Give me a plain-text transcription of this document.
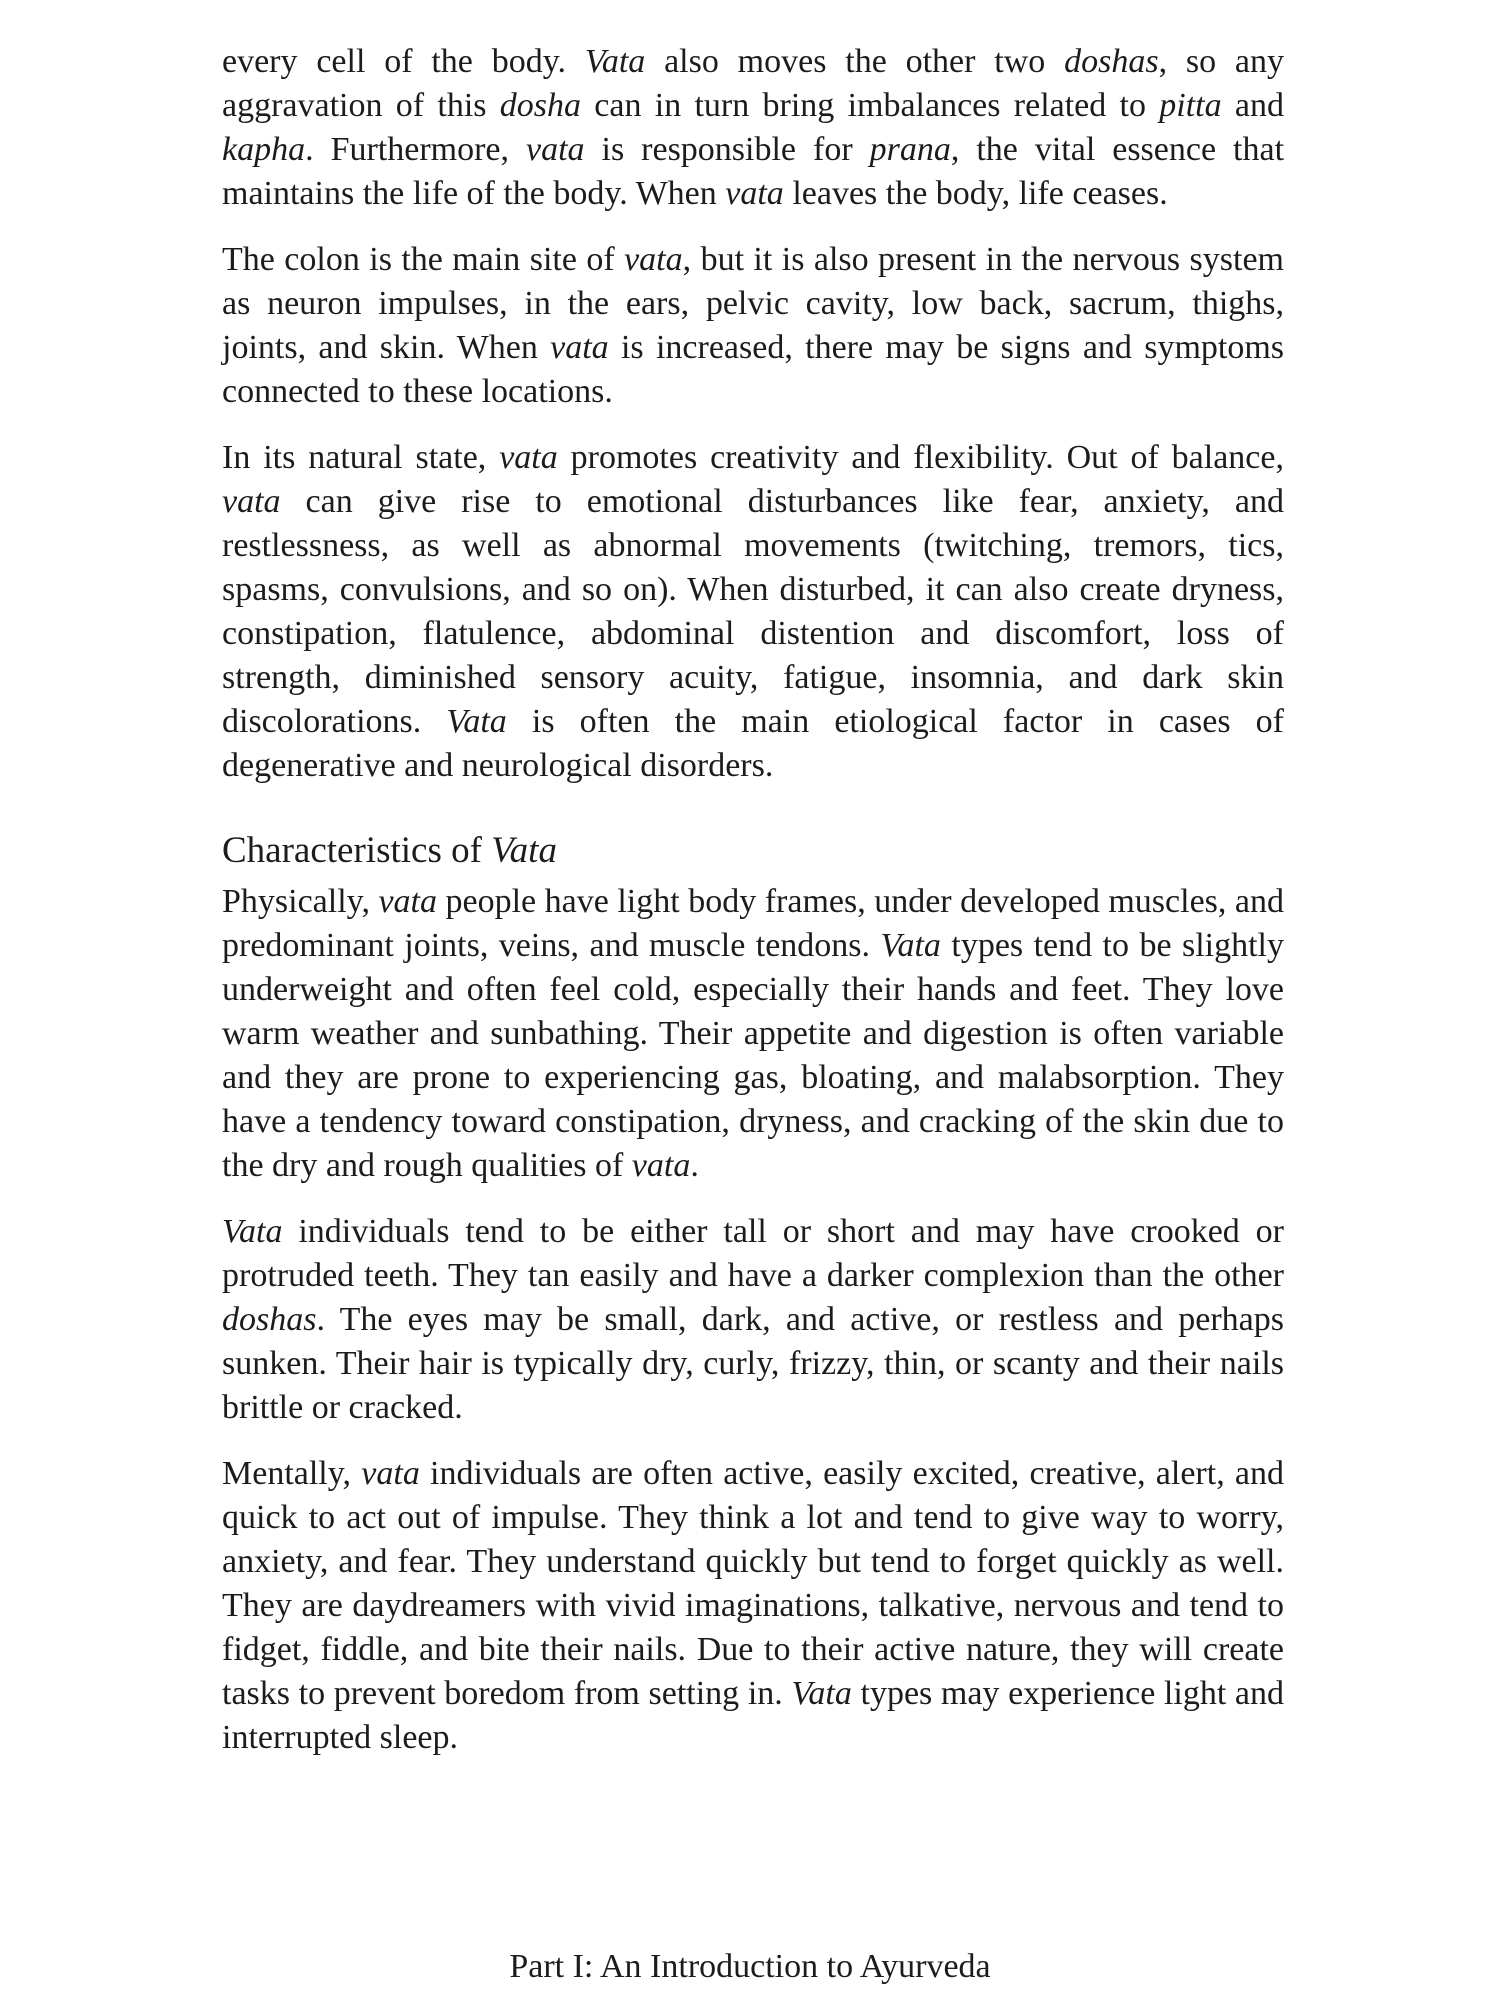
every cell of the body. Vata also moves the other two doshas, so any aggravation of this dosha can in turn bring imbalances related to pitta and kapha. Furthermore, vata is responsible for prana, the vital essence that maintains the life of the body. When vata leaves the body, life ceases.

The colon is the main site of vata, but it is also present in the nervous system as neuron impulses, in the ears, pelvic cavity, low back, sacrum, thighs, joints, and skin. When vata is increased, there may be signs and symptoms connected to these locations.

In its natural state, vata promotes creativity and flexibility. Out of balance, vata can give rise to emotional disturbances like fear, anxiety, and restlessness, as well as abnormal movements (twitching, tremors, tics, spasms, convulsions, and so on). When disturbed, it can also create dryness, constipation, flatulence, abdominal distention and discomfort, loss of strength, diminished sensory acuity, fatigue, insomnia, and dark skin discolorations. Vata is often the main etiological factor in cases of degenerative and neurological disorders.

Characteristics of Vata

Physically, vata people have light body frames, under developed muscles, and predominant joints, veins, and muscle tendons. Vata types tend to be slightly underweight and often feel cold, especially their hands and feet. They love warm weather and sunbathing. Their appetite and digestion is often variable and they are prone to experiencing gas, bloating, and malabsorption. They have a tendency toward constipation, dryness, and cracking of the skin due to the dry and rough qualities of vata.

Vata individuals tend to be either tall or short and may have crooked or protruded teeth. They tan easily and have a darker complexion than the other doshas. The eyes may be small, dark, and active, or restless and perhaps sunken. Their hair is typically dry, curly, frizzy, thin, or scanty and their nails brittle or cracked.

Mentally, vata individuals are often active, easily excited, creative, alert, and quick to act out of impulse. They think a lot and tend to give way to worry, anxiety, and fear. They understand quickly but tend to forget quickly as well. They are daydreamers with vivid imaginations, talkative, nervous and tend to fidget, fiddle, and bite their nails. Due to their active nature, they will create tasks to prevent boredom from setting in. Vata types may experience light and interrupted sleep.

Part I: An Introduction to Ayurveda
